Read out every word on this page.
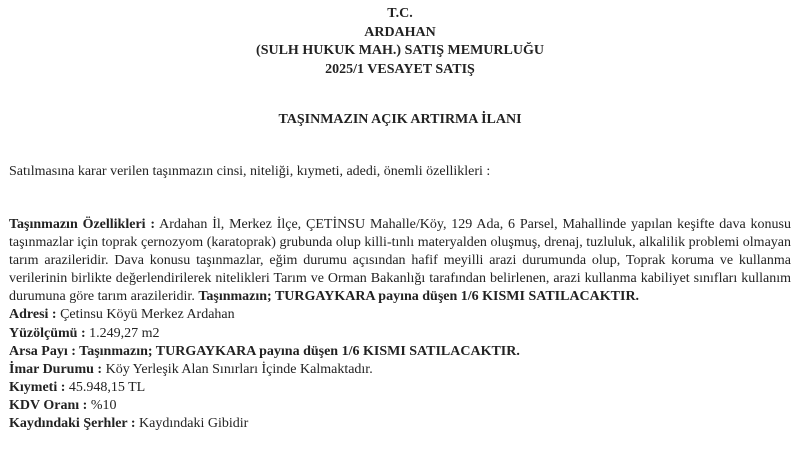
T.C.
ARDAHAN
(SULH HUKUK MAH.) SATIŞ MEMURLUĞU
2025/1 VESAYET SATIŞ
TAŞINMAZIN AÇIK ARTIRMA İLANI
Satılmasına karar verilen taşınmazın cinsi, niteliği, kıymeti, adedi, önemli özellikleri :

Taşınmazın Özellikleri : Ardahan İl, Merkez İlçe, ÇETİNSU Mahalle/Köy, 129 Ada, 6 Parsel, Mahallinde yapılan keşifte dava konusu taşınmazlar için toprak çernozyom (karatoprak) grubunda olup killi-tınlı materyalden oluşmuş, drenaj, tuzluluk, alkalilik problemi olmayan tarım arazileridir. Dava konusu taşınmazlar, eğim durumu açısından hafif meyilli arazi durumunda olup, Toprak koruma ve kullanma verilerinin birlikte değerlendirilerek nitelikleri Tarım ve Orman Bakanlığı tarafından belirlenen, arazi kullanma kabiliyet sınıfları kullanım durumuna göre tarım arazileridir. Taşınmazın; TURGAYKARA payına düşen 1/6 KISMI SATILACAKTIR.

Adresi : Çetinsu Köyü Merkez Ardahan

Yüzölçümü : 1.249,27 m2

Arsa Payı : Taşınmazın; TURGAYKARA payına düşen 1/6 KISMI SATILACAKTIR.

İmar Durumu : Köy Yerleşik Alan Sınırları İçinde Kalmaktadır.

Kıymeti : 45.948,15 TL

KDV Oranı : %10

Kaydındaki Şerhler : Kaydındaki Gibidir
